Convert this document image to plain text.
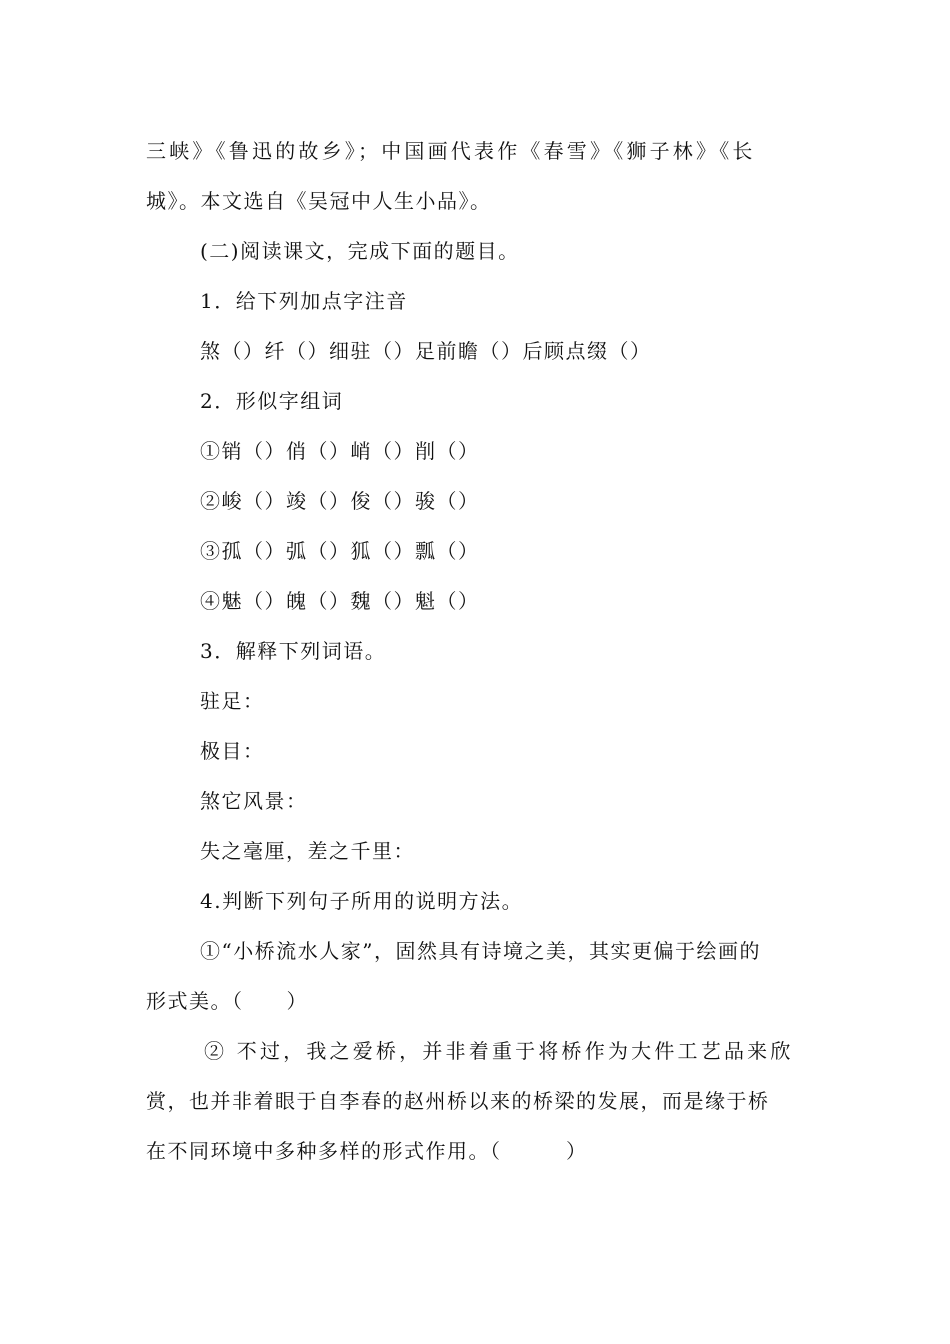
三峡》《鲁迅的故乡》；中国画代表作《春雪》《狮子林》《长
城》。本文选自《吴冠中人生小品》。
(二)阅读课文，完成下面的题目。
1．给下列加点字注音
煞（）纤（）细驻（）足前瞻（）后顾点缀（）
2．形似字组词
①销（）俏（）峭（）削（）
②峻（）竣（）俊（）骏（）
③孤（）弧（）狐（）瓢（）
④魅（）魄（）魏（）魁（）
3．解释下列词语。
驻足：
极目：
煞它风景：
失之毫厘，差之千里：
4.判断下列句子所用的说明方法。
①“小桥流水人家”，固然具有诗境之美，其实更偏于绘画的
形式美。（　　）
② 不过，我之爱桥，并非着重于将桥作为大件工艺品来欣
赏，也并非着眼于自李春的赵州桥以来的桥梁的发展，而是缘于桥
在不同环境中多种多样的形式作用。（　　　）
